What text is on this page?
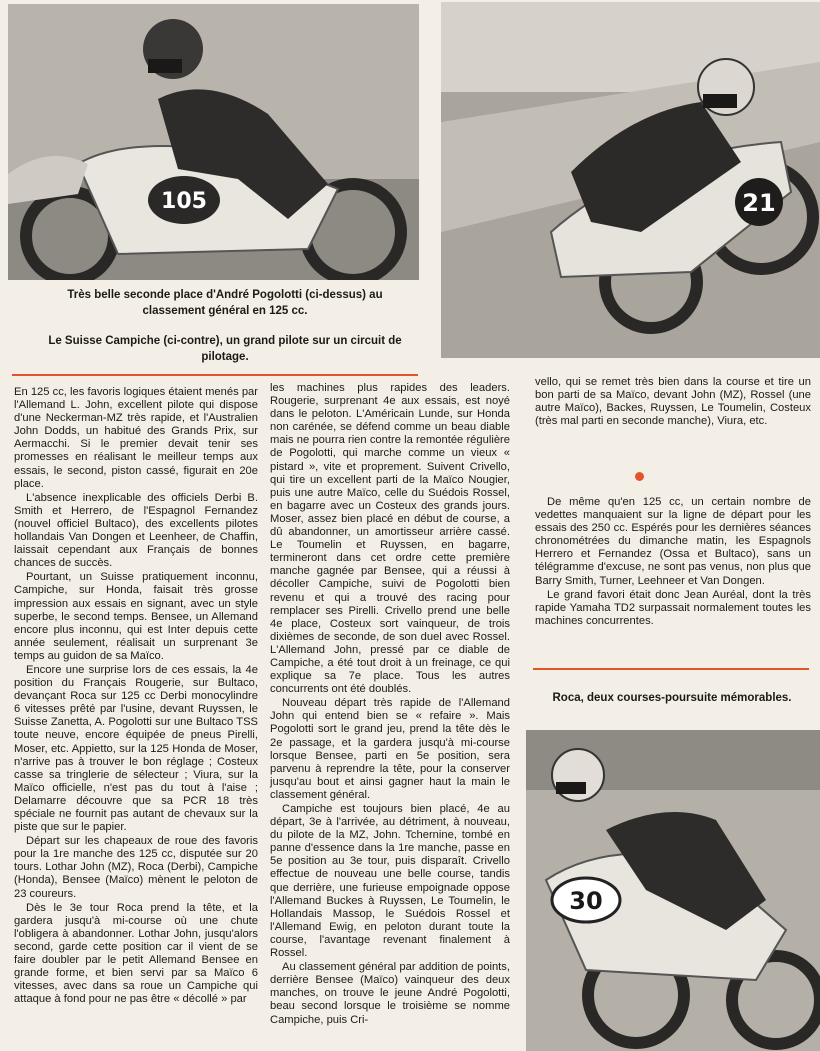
105	21

Très belle seconde place d'André Pogolotti (ci-dessus) au classement général en 125 cc.

Le Suisse Campiche (ci-contre), un grand pilote sur un circuit de pilotage.

En 125 cc, les favoris logiques étaient menés par l'Allemand L. John, excellent pilote qui dispose d'une Neckerman-MZ très rapide, et l'Australien John Dodds, un habitué des Grands Prix, sur Aermacchi. Si le premier devait tenir ses promesses en réalisant le meilleur temps aux essais, le second, piston cassé, figurait en 20e place.

L'absence inexplicable des officiels Derbi B. Smith et Herrero, de l'Espagnol Fernandez (nouvel officiel Bultaco), des excellents pilotes hollandais Van Dongen et Leenheer, de Chaffin, laissait cependant aux Français de bonnes chances de succès.

Pourtant, un Suisse pratiquement inconnu, Campiche, sur Honda, faisait très grosse impression aux essais en signant, avec un style superbe, le second temps. Bensee, un Allemand encore plus inconnu, qui est Inter depuis cette année seulement, réalisait un surprenant 3e temps au guidon de sa Maïco.

Encore une surprise lors de ces essais, la 4e position du Français Rougerie, sur Bultaco, devançant Roca sur 125 cc Derbi monocylindre 6 vitesses prêté par l'usine, devant Ruyssen, le Suisse Zanetta, A. Pogolotti sur une Bultaco TSS toute neuve, encore équipée de pneus Pirelli, Moser, etc. Appietto, sur la 125 Honda de Moser, n'arrive pas à trouver le bon réglage ; Costeux casse sa tringlerie de sélecteur ; Viura, sur la Maïco officielle, n'est pas du tout à l'aise ; Delamarre découvre que sa PCR 18 très spéciale ne fournit pas autant de chevaux sur la piste que sur le papier.

Départ sur les chapeaux de roue des favoris pour la 1re manche des 125 cc, disputée sur 20 tours. Lothar John (MZ), Roca (Derbi), Campiche (Honda), Bensee (Maïco) mènent le peloton de 23 coureurs.

Dès le 3e tour Roca prend la tête, et la gardera jusqu'à mi-course où une chute l'obligera à abandonner. Lothar John, jusqu'alors second, garde cette position car il vient de se faire doubler par le petit Allemand Bensee en grande forme, et bien servi par sa Maïco 6 vitesses, avec dans sa roue un Campiche qui attaque à fond pour ne pas être « décollé » par

les machines plus rapides des leaders. Rougerie, surprenant 4e aux essais, est noyé dans le peloton. L'Américain Lunde, sur Honda non carénée, se défend comme un beau diable mais ne pourra rien contre la remontée régulière de Pogolotti, qui marche comme un vieux « pistard », vite et proprement. Suivent Crivello, qui tire un excellent parti de la Maïco Nougier, puis une autre Maïco, celle du Suédois Rossel, en bagarre avec un Costeux des grands jours. Moser, assez bien placé en début de course, a dû abandonner, un amortisseur arrière cassé. Le Toumelin et Ruyssen, en bagarre, termineront dans cet ordre cette première manche gagnée par Bensee, qui a réussi à décoller Campiche, suivi de Pogolotti bien revenu et qui a trouvé des racing pour remplacer ses Pirelli. Crivello prend une belle 4e place, Costeux sort vainqueur, de trois dixièmes de seconde, de son duel avec Rossel. L'Allemand John, pressé par ce diable de Campiche, a été tout droit à un freinage, ce qui explique sa 7e place. Tous les autres concurrents ont été doublés.

Nouveau départ très rapide de l'Allemand John qui entend bien se « refaire ». Mais Pogolotti sort le grand jeu, prend la tête dès le 2e passage, et la gardera jusqu'à mi-course lorsque Bensee, parti en 5e position, sera parvenu à reprendre la tête, pour la conserver jusqu'au bout et ainsi gagner haut la main le classement général.

Campiche est toujours bien placé, 4e au départ, 3e à l'arrivée, au détriment, à nouveau, du pilote de la MZ, John. Tchernine, tombé en panne d'essence dans la 1re manche, passe en 5e position au 3e tour, puis disparaît. Crivello effectue de nouveau une belle course, tandis que derrière, une furieuse empoignade oppose l'Allemand Buckes à Ruyssen, Le Toumelin, le Hollandais Massop, le Suédois Rossel et l'Allemand Ewig, en peloton durant toute la course, l'avantage revenant finalement à Rossel.

Au classement général par addition de points, derrière Bensee (Maïco) vainqueur des deux manches, on trouve le jeune André Pogolotti, beau second lorsque le troisième se nomme Campiche, puis Cri-

vello, qui se remet très bien dans la course et tire un bon parti de sa Maïco, devant John (MZ), Rossel (une autre Maïco), Backes, Ruyssen, Le Toumelin, Costeux (très mal parti en seconde manche), Viura, etc.

De même qu'en 125 cc, un certain nombre de vedettes manquaient sur la ligne de départ pour les essais des 250 cc. Espérés pour les dernières séances chronométrées du dimanche matin, les Espagnols Herrero et Fernandez (Ossa et Bultaco), sans un télégramme d'excuse, ne sont pas venus, non plus que Barry Smith, Turner, Leehneer et Van Dongen.

Le grand favori était donc Jean Auréal, dont la très rapide Yamaha TD2 surpassait normalement toutes les machines concurrentes.

Roca, deux courses-poursuite mémorables.

30
